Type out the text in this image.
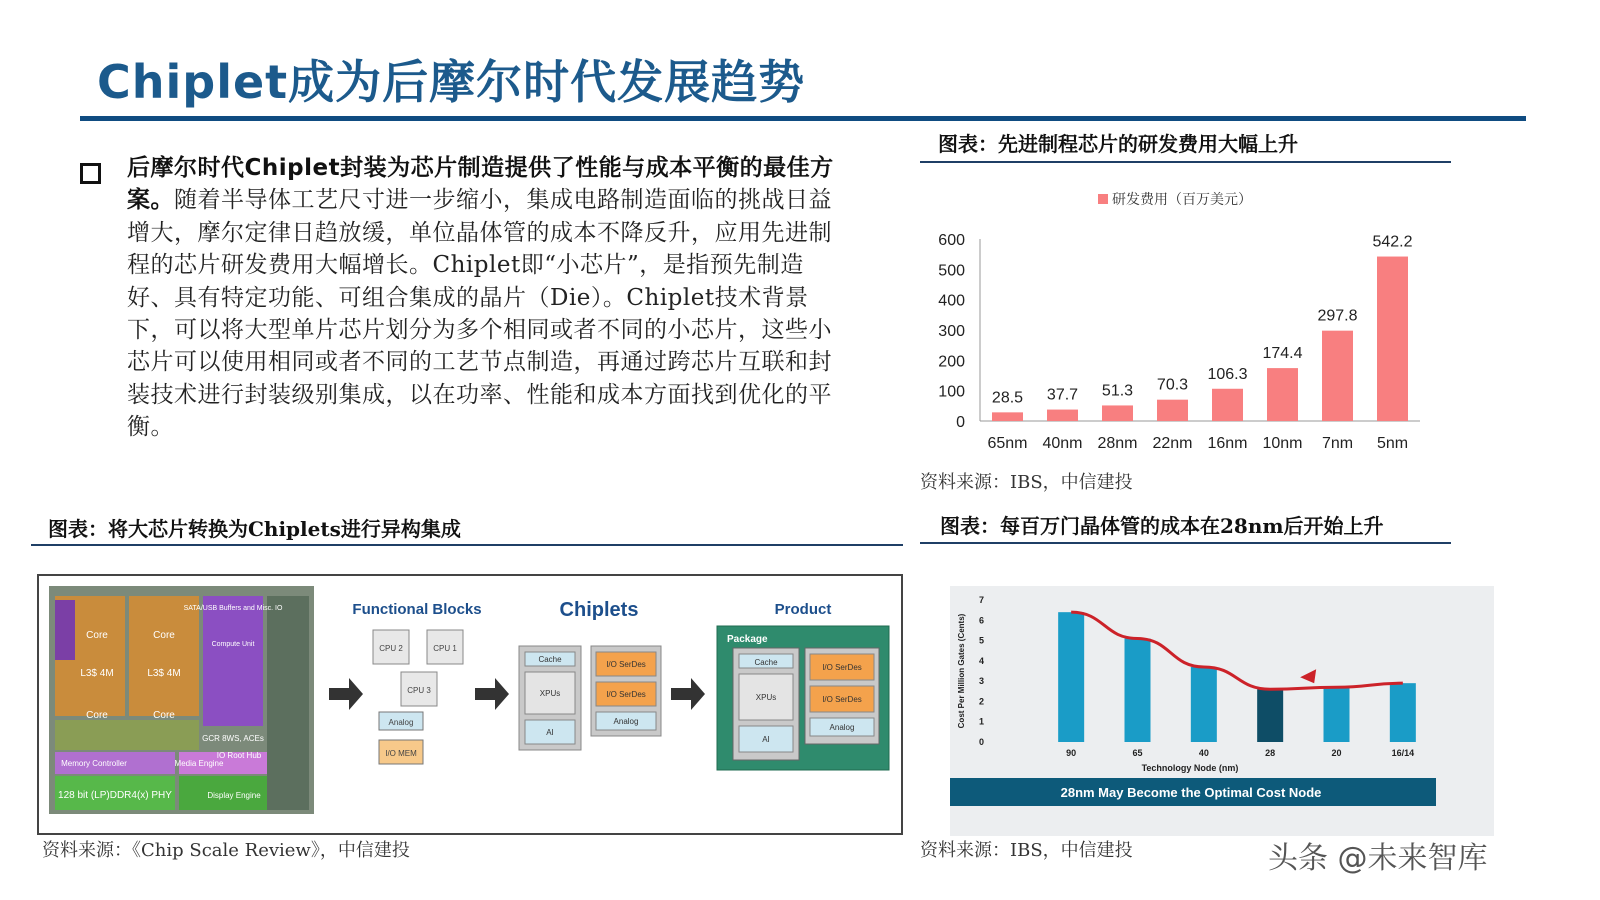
Chiplet成为后摩尔时代发展趋势
后摩尔时代Chiplet封装为芯片制造提供了性能与成本平衡的最佳方案。随着半导体工艺尺寸进一步缩小，集成电路制造面临的挑战日益增大，摩尔定律日趋放缓，单位晶体管的成本不降反升，应用先进制程的芯片研发费用大幅增长。Chiplet即“小芯片”，是指预先制造好、具有特定功能、可组合集成的晶片（Die）。Chiplet技术背景下，可以将大型单片芯片划分为多个相同或者不同的小芯片，这些小芯片可以使用相同或者不同的工艺节点制造，再通过跨芯片互联和封装技术进行封装级别集成，以在功率、性能和成本方面找到优化的平衡。
图表：先进制程芯片的研发费用大幅上升
研发费用（百万美元）
0
100
200
300
400
500
600
28.5
65nm
37.7
40nm
51.3
28nm
70.3
22nm
106.3
16nm
174.4
10nm
297.8
7nm
542.2
5nm
资料来源：IBS，中信建投
图表：将大芯片转换为Chiplets进行异构集成
Core	Core
L3$ 4M	L3$ 4M
Core	Core
SATA/USB Buffers and Misc. IO
Compute Unit
GCR 8WS, ACEs
IO Root Hub
Memory Controller	Media Engine
128 bit (LP)DDR4(x) PHY	Display Engine
Functional Blocks
CPU 2	CPU 1
CPU 3
Analog
I/O MEM
Chiplets
Cache
XPUs
AI
I/O SerDes
I/O SerDes
Analog
Product
Package
Cache
XPUs
AI
I/O SerDes
I/O SerDes
Analog
资料来源：《Chip Scale Review》，中信建投
图表：每百万门晶体管的成本在28nm后开始上升
0
1
2
3
4
5
6
7
Cost Per Million Gates (Cents)
Technology Node (nm)
90	65	40	28	20	16/14
28nm May Become the Optimal Cost Node
资料来源：IBS，中信建投	头条 @未来智库
